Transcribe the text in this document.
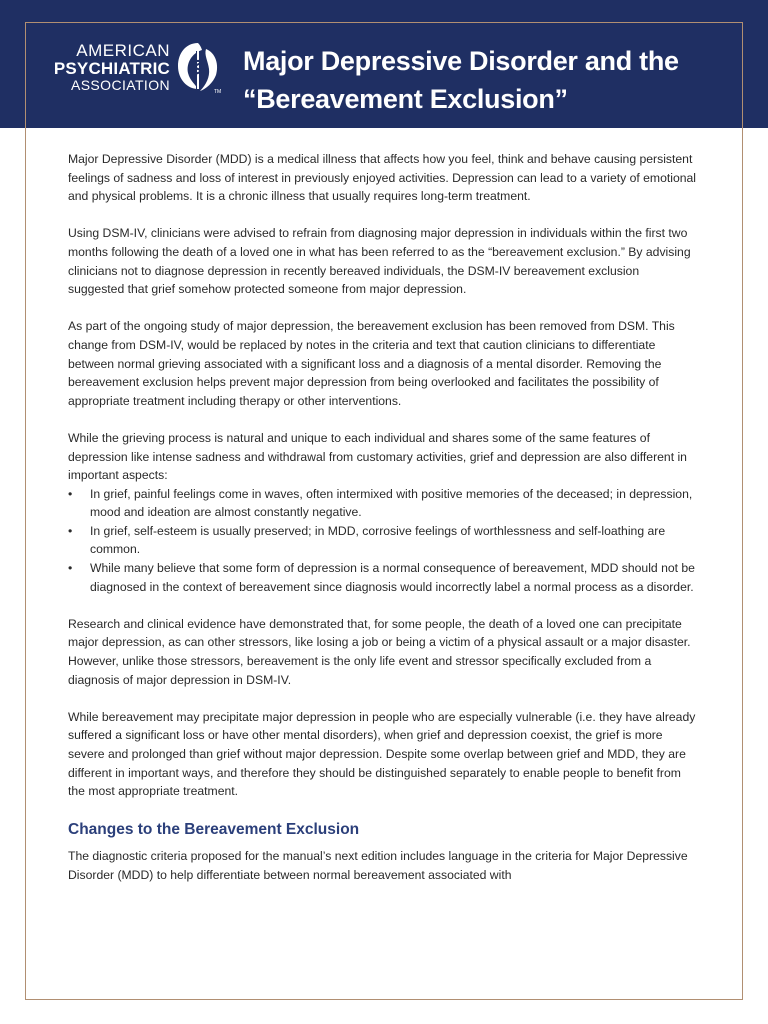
AMERICAN
PSYCHIATRIC
ASSOCIATION	TM
Major Depressive Disorder and the
“Bereavement Exclusion”

Major Depressive Disorder (MDD) is a medical illness that affects how you feel, think and behave causing persistent feelings of sadness and loss of interest in previously enjoyed activities. Depression can lead to a variety of emotional and physical problems. It is a chronic illness that usually requires long-term treatment.

Using DSM-IV, clinicians were advised to refrain from diagnosing major depression in individuals within the first two months following the death of a loved one in what has been referred to as the “bereavement exclusion.” By advising clinicians not to diagnose depression in recently bereaved individuals, the DSM-IV bereavement exclusion suggested that grief somehow protected someone from major depression.

As part of the ongoing study of major depression, the bereavement exclusion has been removed from DSM. This change from DSM-IV, would be replaced by notes in the criteria and text that caution clinicians to differentiate between normal grieving associated with a significant loss and a diagnosis of a mental disorder. Removing the bereavement exclusion helps prevent major depression from being overlooked and facilitates the possibility of appropriate treatment including therapy or other interventions.

While the grieving process is natural and unique to each individual and shares some of the same features of depression like intense sadness and withdrawal from customary activities, grief and depression are also different in important aspects:

• In grief, painful feelings come in waves, often intermixed with positive memories of the deceased; in depression, mood and ideation are almost constantly negative.
• In grief, self-esteem is usually preserved; in MDD, corrosive feelings of worthlessness and self-loathing are common.
• While many believe that some form of depression is a normal consequence of bereavement, MDD should not be diagnosed in the context of bereavement since diagnosis would incorrectly label a normal process as a disorder.

Research and clinical evidence have demonstrated that, for some people, the death of a loved one can precipitate major depression, as can other stressors, like losing a job or being a victim of a physical assault or a major disaster. However, unlike those stressors, bereavement is the only life event and stressor specifically excluded from a diagnosis of major depression in DSM-IV.

While bereavement may precipitate major depression in people who are especially vulnerable (i.e. they have already suffered a significant loss or have other mental disorders), when grief and depression coexist, the grief is more severe and prolonged than grief without major depression. Despite some overlap between grief and MDD, they are different in important ways, and therefore they should be distinguished separately to enable people to benefit from the most appropriate treatment.

Changes to the Bereavement Exclusion

The diagnostic criteria proposed for the manual’s next edition includes language in the criteria for Major Depressive Disorder (MDD) to help differentiate between normal bereavement associated with
